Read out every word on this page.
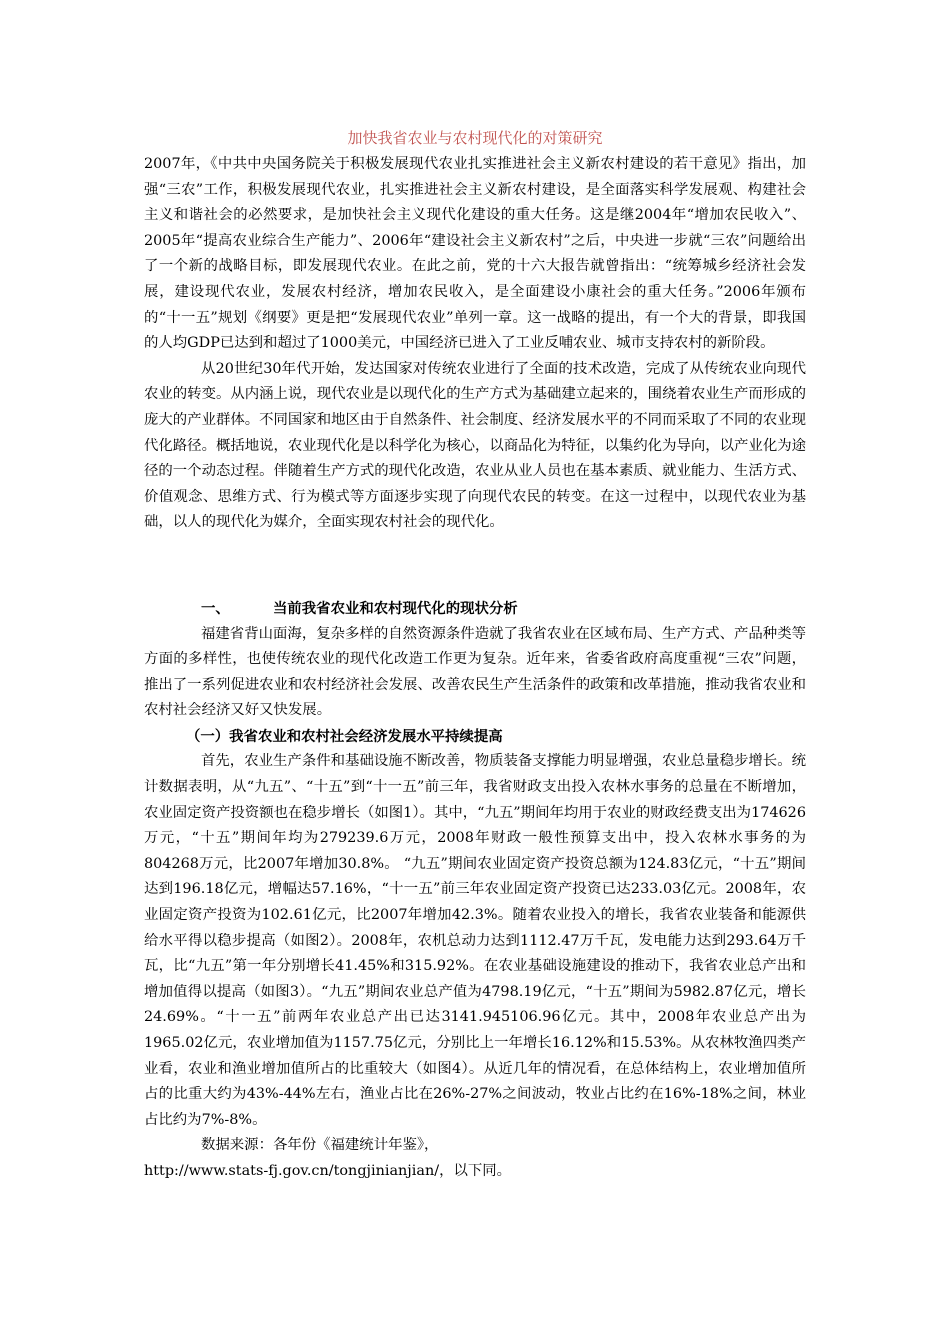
加快我省农业与农村现代化的对策研究

2007年，《中共中央国务院关于积极发展现代农业扎实推进社会主义新农村建设的若干意见》指出，加强“三农”工作，积极发展现代农业，扎实推进社会主义新农村建设，是全面落实科学发展观、构建社会主义和谐社会的必然要求，是加快社会主义现代化建设的重大任务。这是继2004年“增加农民收入”、2005年“提高农业综合生产能力”、2006年“建设社会主义新农村”之后，中央进一步就“三农”问题给出了一个新的战略目标，即发展现代农业。在此之前，党的十六大报告就曾指出：“统筹城乡经济社会发展，建设现代农业，发展农村经济，增加农民收入，是全面建设小康社会的重大任务。”2006年颁布的“十一五”规划《纲要》更是把“发展现代农业”单列一章。这一战略的提出，有一个大的背景，即我国的人均GDP已达到和超过了1000美元，中国经济已进入了工业反哺农业、城市支持农村的新阶段。

从20世纪30年代开始，发达国家对传统农业进行了全面的技术改造，完成了从传统农业向现代农业的转变。从内涵上说，现代农业是以现代化的生产方式为基础建立起来的，围绕着农业生产而形成的庞大的产业群体。不同国家和地区由于自然条件、社会制度、经济发展水平的不同而采取了不同的农业现代化路径。概括地说，农业现代化是以科学化为核心，以商品化为特征，以集约化为导向，以产业化为途径的一个动态过程。伴随着生产方式的现代化改造，农业从业人员也在基本素质、就业能力、生活方式、价值观念、思维方式、行为模式等方面逐步实现了向现代农民的转变。在这一过程中，以现代农业为基础，以人的现代化为媒介，全面实现农村社会的现代化。

一、	当前我省农业和农村现代化的现状分析

福建省背山面海，复杂多样的自然资源条件造就了我省农业在区域布局、生产方式、产品种类等方面的多样性，也使传统农业的现代化改造工作更为复杂。近年来，省委省政府高度重视“三农”问题，推出了一系列促进农业和农村经济社会发展、改善农民生产生活条件的政策和改革措施，推动我省农业和农村社会经济又好又快发展。

（一）我省农业和农村社会经济发展水平持续提高

首先，农业生产条件和基础设施不断改善，物质装备支撑能力明显增强，农业总量稳步增长。统计数据表明，从“九五”、“十五”到“十一五”前三年，我省财政支出投入农林水事务的总量在不断增加，农业固定资产投资额也在稳步增长（如图1）。其中，“九五”期间年均用于农业的财政经费支出为174626万元，“十五”期间年均为279239.6万元，2008年财政一般性预算支出中，投入农林水事务的为804268万元，比2007年增加30.8%。 “九五”期间农业固定资产投资总额为124.83亿元，“十五”期间达到196.18亿元，增幅达57.16%，“十一五”前三年农业固定资产投资已达233.03亿元。2008年，农业固定资产投资为102.61亿元，比2007年增加42.3%。随着农业投入的增长，我省农业装备和能源供给水平得以稳步提高（如图2）。2008年，农机总动力达到1112.47万千瓦，发电能力达到293.64万千瓦，比“九五”第一年分别增长41.45%和315.92%。在农业基础设施建设的推动下，我省农业总产出和增加值得以提高（如图3）。“九五”期间农业总产值为4798.19亿元，“十五”期间为5982.87亿元，增长24.69%。“十一五”前两年农业总产出已达3141.945106.96亿元。其中，2008年农业总产出为1965.02亿元，农业增加值为1157.75亿元，分别比上一年增长16.12%和15.53%。从农林牧渔四类产业看，农业和渔业增加值所占的比重较大（如图4）。从近几年的情况看，在总体结构上，农业增加值所占的比重大约为43%-44%左右，渔业占比在26%-27%之间波动，牧业占比约在16%-18%之间，林业占比约为7%-8%。

数据来源：各年份《福建统计年鉴》，

http://www.stats-fj.gov.cn/tongjinianjian/，以下同。
